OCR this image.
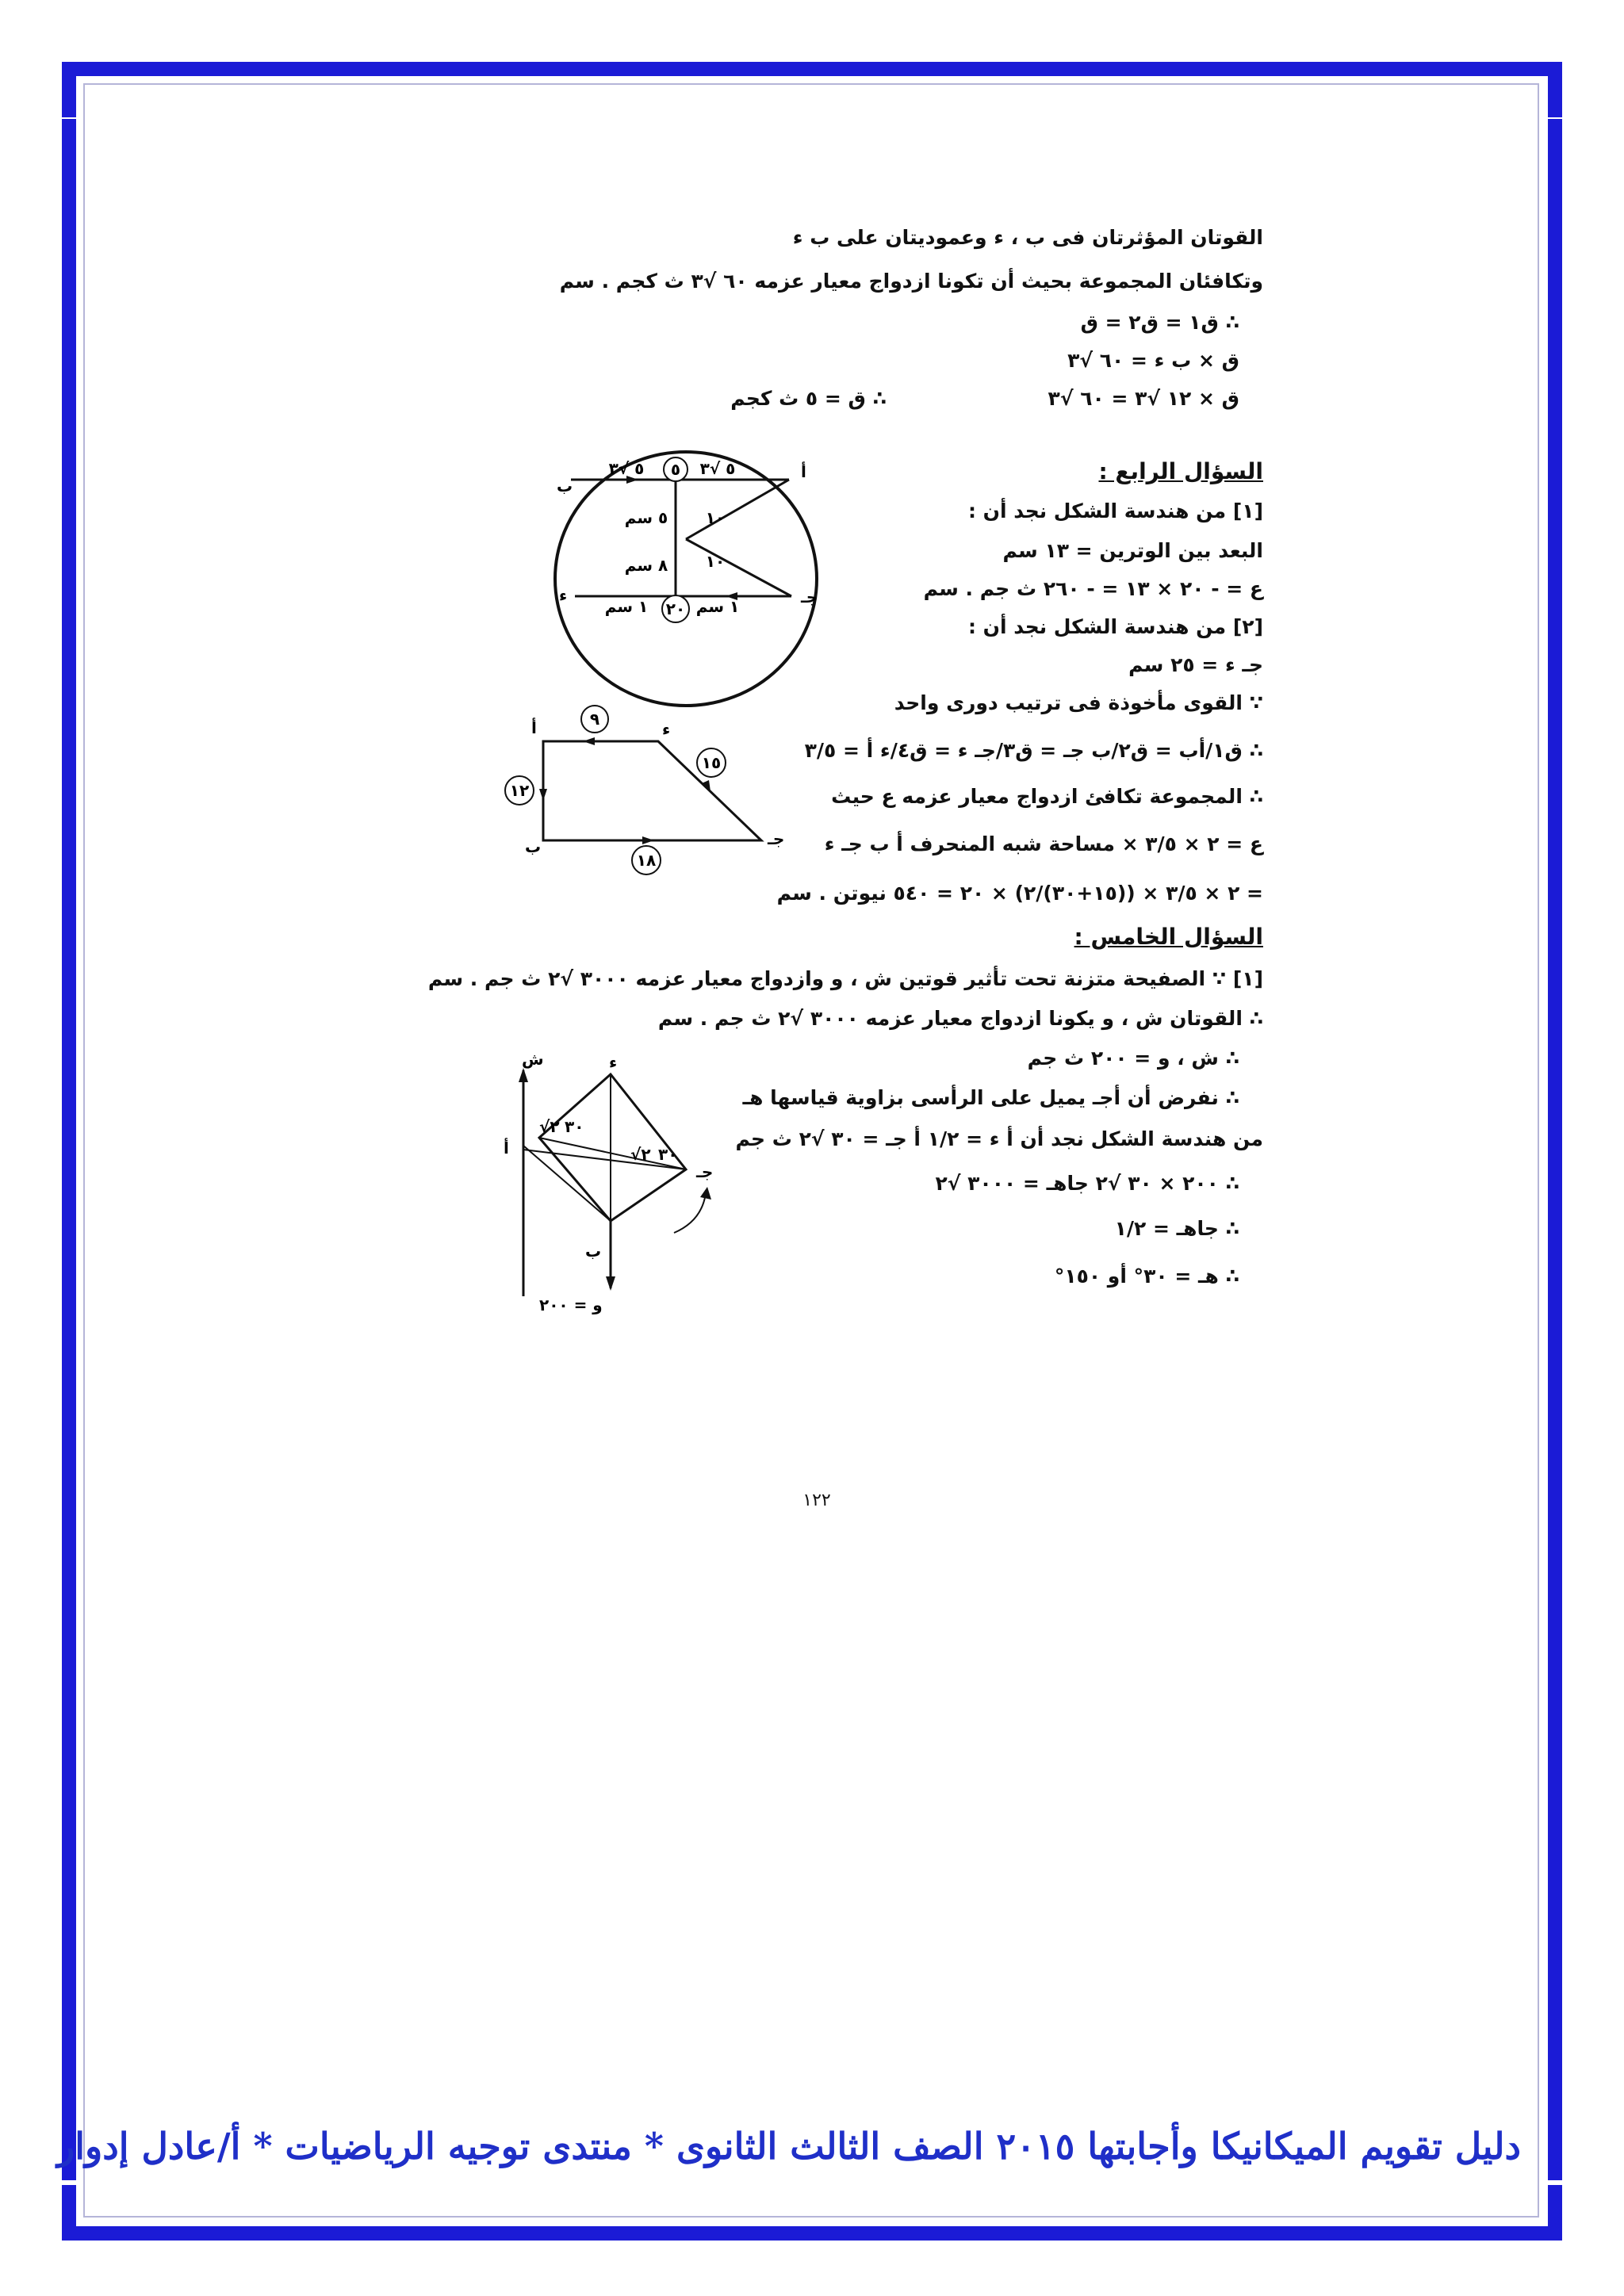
القوتان المؤثرتان فى ب ، ء وعموديتان على ب ء
وتكافئان المجموعة بحيث أن تكونا ازدواج معيار عزمه ٦٠ √٣ ث كجم . سم
∴ ق١ = ق٢ = ق
ق × ب ء = ٦٠ √٣
ق × ١٢ √٣ = ٦٠ √٣
∴ ق = ٥ ث كجم
السؤال الرابع :
[١] من هندسة الشكل نجد أن :
البعد بين الوترين = ١٣ سم
ع = - ٢٠ × ١٣ = - ٢٦٠ ث جم . سم
[٢] من هندسة الشكل نجد أن :
جـ ء = ٢٥ سم
∵ القوى مأخوذة فى ترتيب دورى واحد
∴ ق١/أب = ق٢/ب جـ = ق٣/جـ ء = ق٤/ء أ = ٣/٥
∴ المجموعة تكافئ ازدواج معيار عزمه ع حيث
ع = ٢ × ٣/٥ × مساحة شبه المنحرف أ ب جـ ء
= ٢ × ٣/٥ × ((١٥+٣٠)/٢) × ٢٠ = ٥٤٠ نيوتن . سم
السؤال الخامس :
[١] ∵ الصفيحة متزنة تحت تأثير قوتين ش ، و وازدواج معيار عزمه ٣٠٠٠ √٢ ث جم . سم
∴ القوتان ش ، و يكونا ازدواج معيار عزمه ٣٠٠٠ √٢ ث جم . سم
∴ ش ، و = ٢٠٠ ث جم
∴ نفرض أن أجـ يميل على الرأسى بزاوية قياسها هـ
من هندسة الشكل نجد أن أ ء = ١/٢ أ جـ = ٣٠ √٢ ث جم
∴ ٢٠٠ × ٣٠ √٢ جاهـ = ٣٠٠٠ √٢
∴ جاهـ = ١/٢
∴ هـ = ٣٠° أو ١٥٠°
٥
٢٠
٥ √٣	٥ √٣
١ سم	١ سم
٥ سم
٨ سم
١٠
١٠
أ
ب
جـ
ء
٩
١٢
١٨
١٥
أ
ب	جـ
ء
ش
و = ٢٠٠
أ
ب
جـ
ء
√٢ ٣٠
√٢ ٣٠
١٢٢
دليل تقويم الميكانيكا وأجابتها ٢٠١٥ الصف الثالث الثانوى * منتدى توجيه الرياضيات * أ/عادل إدوار
